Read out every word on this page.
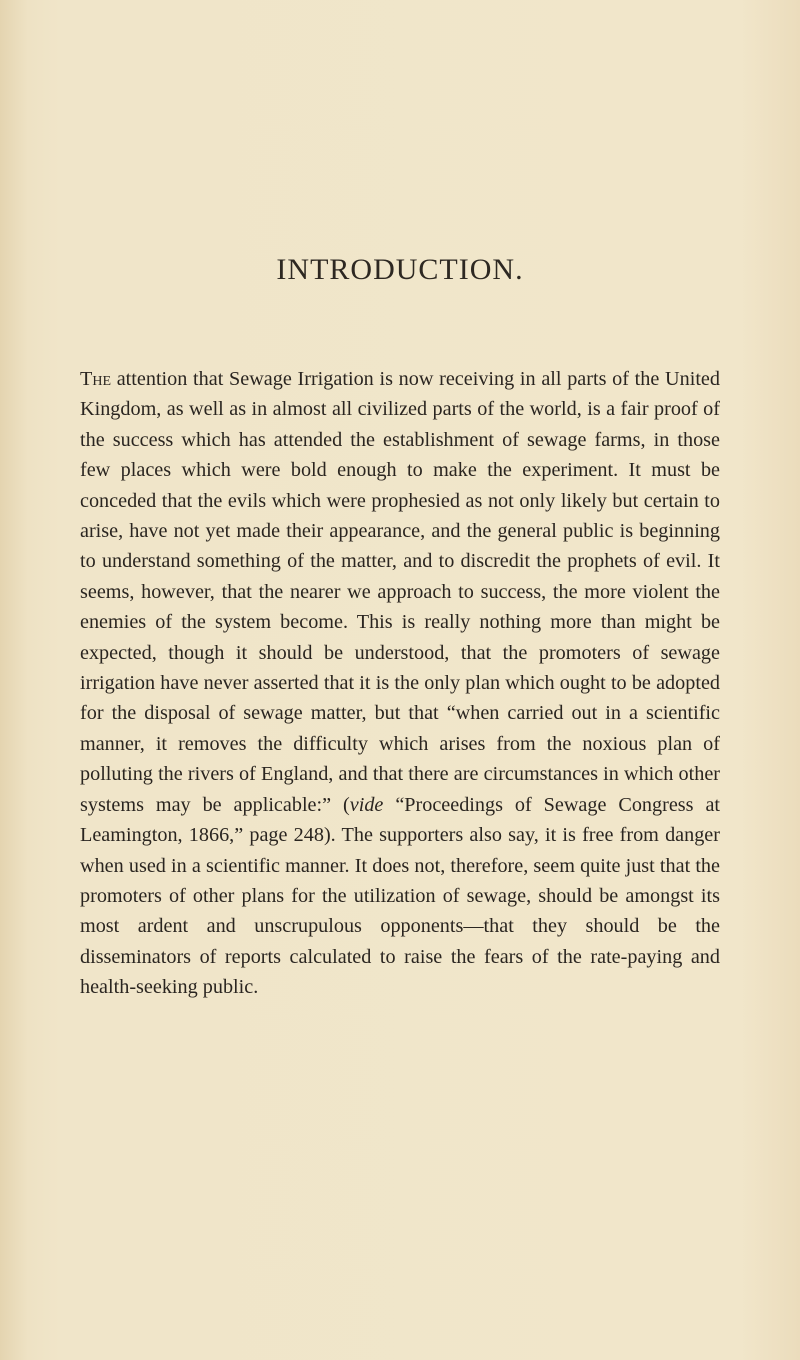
INTRODUCTION.

The attention that Sewage Irrigation is now receiving in all parts of the United Kingdom, as well as in almost all civilized parts of the world, is a fair proof of the success which has attended the establishment of sewage farms, in those few places which were bold enough to make the experiment. It must be conceded that the evils which were prophesied as not only likely but certain to arise, have not yet made their appearance, and the general public is beginning to understand something of the matter, and to discredit the prophets of evil. It seems, however, that the nearer we approach to success, the more violent the enemies of the system become. This is really nothing more than might be expected, though it should be understood, that the promoters of sewage irrigation have never asserted that it is the only plan which ought to be adopted for the disposal of sewage matter, but that “when carried out in a scientific manner, it removes the difficulty which arises from the noxious plan of polluting the rivers of England, and that there are circumstances in which other systems may be applicable:” (vide “Proceedings of Sewage Congress at Leamington, 1866,” page 248). The supporters also say, it is free from danger when used in a scientific manner. It does not, therefore, seem quite just that the promoters of other plans for the utilization of sewage, should be amongst its most ardent and unscrupulous opponents—that they should be the disseminators of reports calculated to raise the fears of the rate-paying and health-seeking public.
